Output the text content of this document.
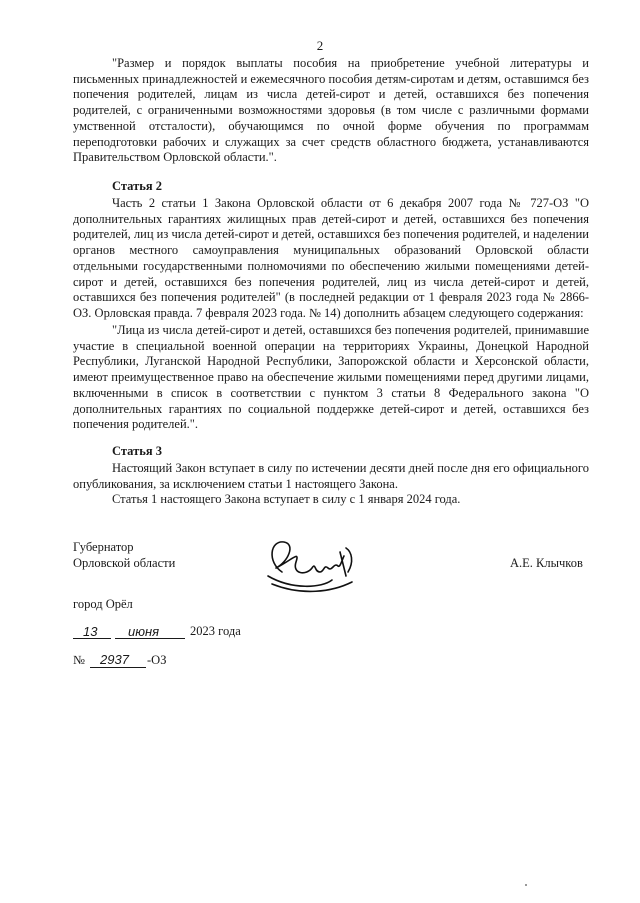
2

"Размер и порядок выплаты пособия на приобретение учебной литературы и письменных принадлежностей и ежемесячного пособия детям-сиротам и детям, оставшимся без попечения родителей, лицам из числа детей-сирот и детей, оставшихся без попечения родителей, с ограниченными возможностями здоровья (в том числе с различными формами умственной отсталости), обучающимся по очной форме обучения по программам переподготовки рабочих и служащих за счет средств областного бюджета, устанавливаются Правительством Орловской области.".

Статья 2

Часть 2 статьи 1 Закона Орловской области от 6 декабря 2007 года № 727-ОЗ "О дополнительных гарантиях жилищных прав детей-сирот и детей, оставшихся без попечения родителей, лиц из числа детей-сирот и детей, оставшихся без попечения родителей, и наделении органов местного самоуправления муниципальных образований Орловской области отдельными государственными полномочиями по обеспечению жилыми помещениями детей-сирот и детей, оставшихся без попечения родителей, лиц из числа детей-сирот и детей, оставшихся без попечения родителей" (в последней редакции от 1 февраля 2023 года № 2866-ОЗ. Орловская правда. 7 февраля 2023 года. № 14) дополнить абзацем следующего содержания:

"Лица из числа детей-сирот и детей, оставшихся без попечения родителей, принимавшие участие в специальной военной операции на территориях Украины, Донецкой Народной Республики, Луганской Народной Республики, Запорожской области и Херсонской области, имеют преимущественное право на обеспечение жилыми помещениями перед другими лицами, включенными в список в соответствии с пунктом 3 статьи 8 Федерального закона "О дополнительных гарантиях по социальной поддержке детей-сирот и детей, оставшихся без попечения родителей.".

Статья 3

Настоящий Закон вступает в силу по истечении десяти дней после дня его официального опубликования, за исключением статьи 1 настоящего Закона.

Статья 1 настоящего Закона вступает в силу с 1 января 2024 года.

Губернатор
Орловской области	А.Е. Клычков
город Орёл
13 июня 2023 года
№ 2937 -ОЗ
